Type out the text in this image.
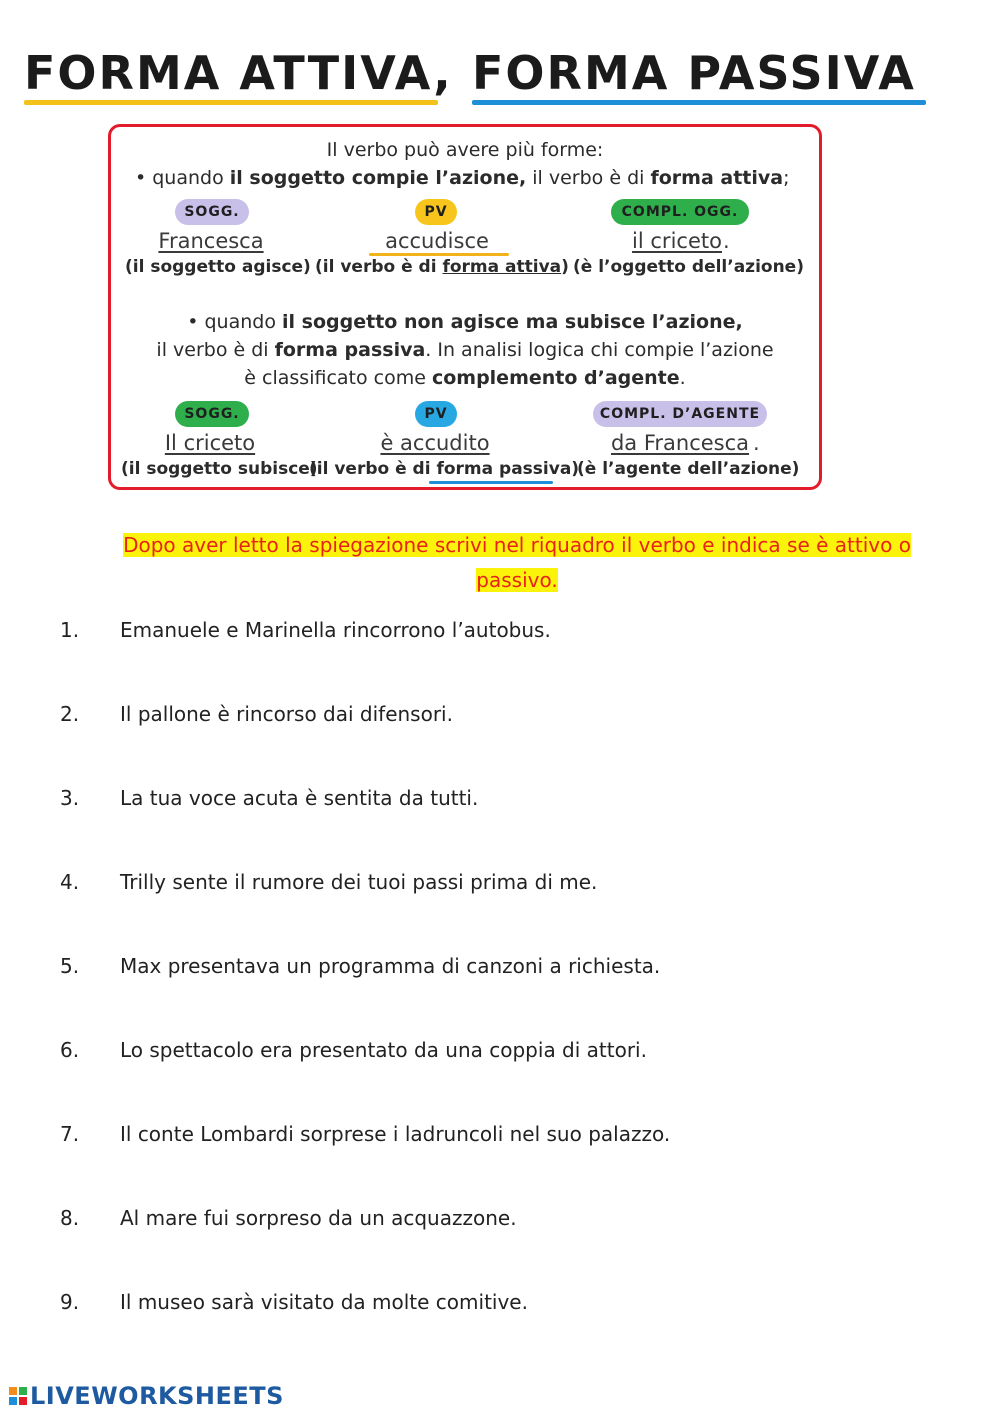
FORMA ATTIVA, FORMA PASSIVA
Il verbo può avere più forme:
• quando il soggetto compie l’azione, il verbo è di forma attiva;
SOGG.	PV	COMPL. OGG.
Francesca	accudisce	il criceto .
(il soggetto agisce) (il verbo è di forma attiva) (è l’oggetto dell’azione)
• quando il soggetto non agisce ma subisce l’azione,
il verbo è di forma passiva. In analisi logica chi compie l’azione
è classificato come complemento d’agente.
SOGG.	PV	COMPL. D’AGENTE
Il criceto	è accudito	da Francesca .
(il soggetto subisce)
(il verbo è di forma passiva)
(è l’agente dell’azione)
Dopo aver letto la spiegazione scrivi nel riquadro il verbo e indica se è attivo o
passivo.
1.	Emanuele e Marinella rincorrono l’autobus.
2.	Il pallone è rincorso dai difensori.
3.	La tua voce acuta è sentita da tutti.
4.	Trilly sente il rumore dei tuoi passi prima di me.
5.	Max presentava un programma di canzoni a richiesta.
6.	Lo spettacolo era presentato da una coppia di attori.
7.	Il conte Lombardi sorprese i ladruncoli nel suo palazzo.
8.	Al mare fui sorpreso da un acquazzone.
9.	Il museo sarà visitato da molte comitive.
LIVEWORKSHEETS
